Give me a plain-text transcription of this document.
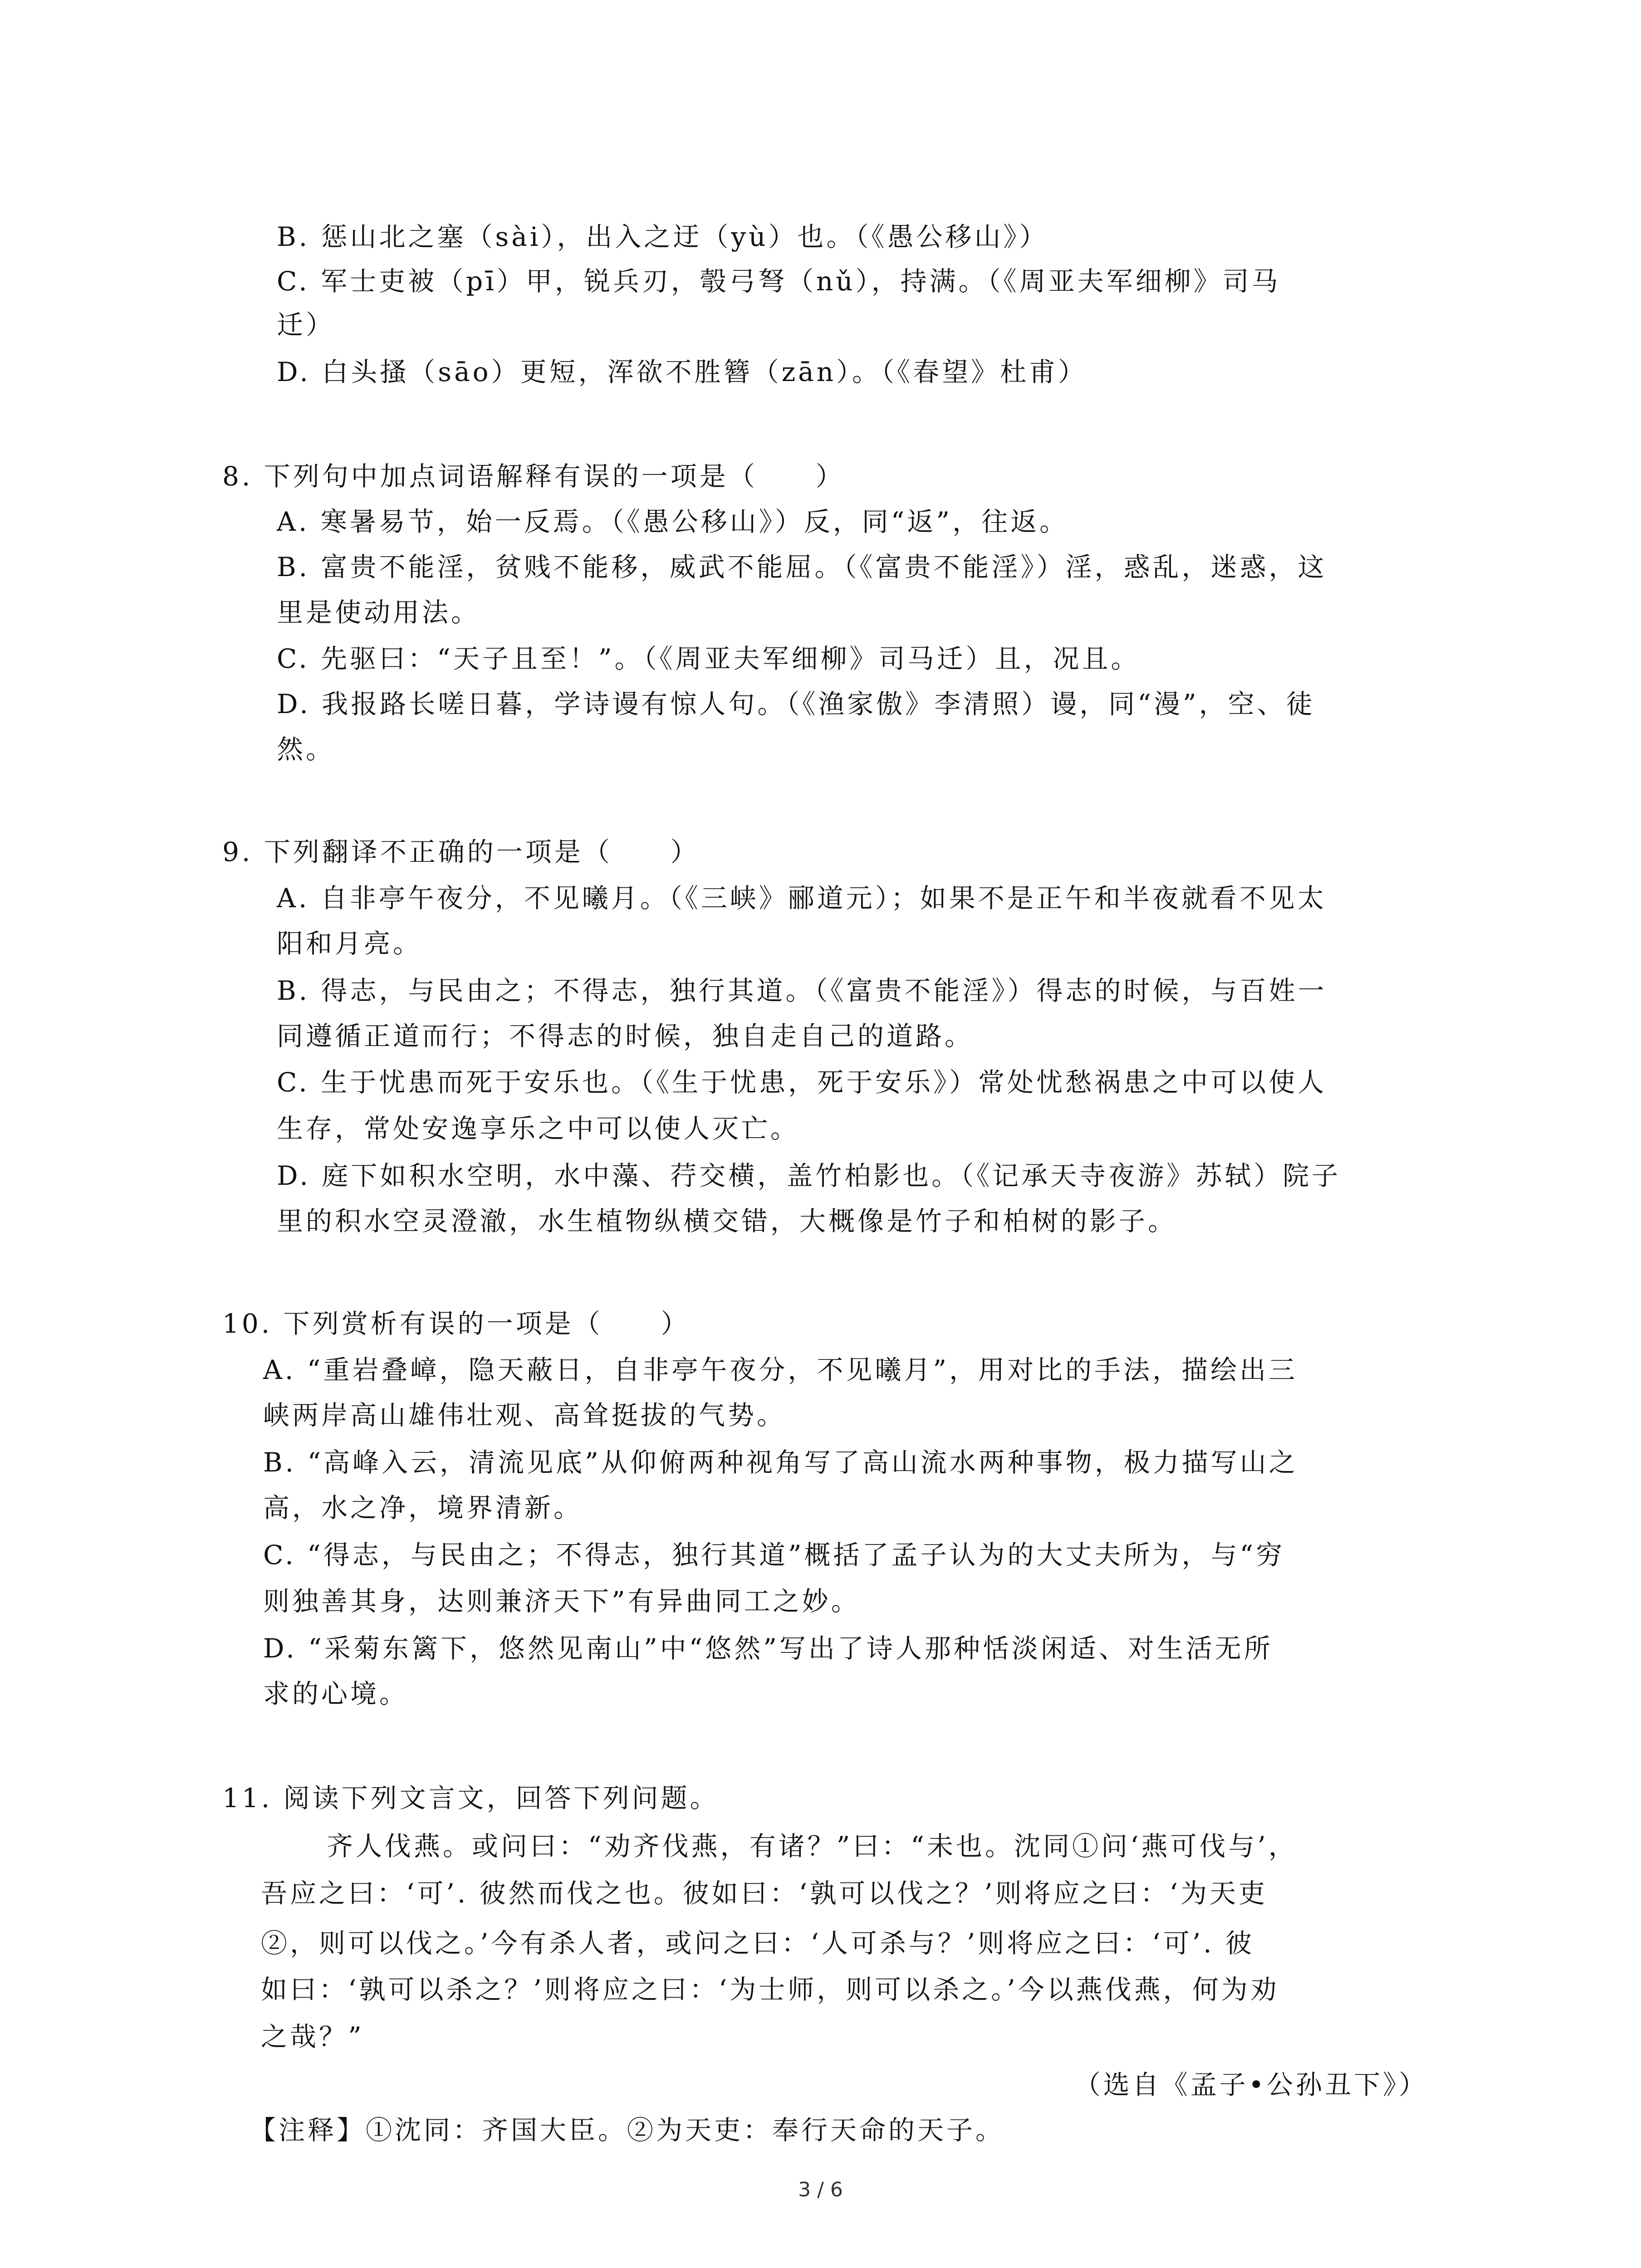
B. 惩山北之塞（sài），出入之迂（yù）也。（《愚公移山》）
C. 军士吏被（pī）甲，锐兵刃，彀弓弩（nǔ），持满。（《周亚夫军细柳》司马
迁）
D. 白头搔（sāo）更短，浑欲不胜簪（zān）。（《春望》杜甫）
8. 下列句中加点词语解释有误的一项是（　　）
A. 寒暑易节，始一反焉。（《愚公移山》）反，同“返”，往返。
B. 富贵不能淫，贫贱不能移，威武不能屈。（《富贵不能淫》）淫，惑乱，迷惑，这
里是使动用法。
C. 先驱曰：“天子且至！”。（《周亚夫军细柳》司马迁）且，况且。
D. 我报路长嗟日暮，学诗谩有惊人句。（《渔家傲》李清照）谩，同“漫”，空、徒
然。
9. 下列翻译不正确的一项是（　　）
A. 自非亭午夜分，不见曦月。（《三峡》郦道元）；如果不是正午和半夜就看不见太
阳和月亮。
B. 得志，与民由之；不得志，独行其道。（《富贵不能淫》）得志的时候，与百姓一
同遵循正道而行；不得志的时候，独自走自己的道路。
C. 生于忧患而死于安乐也。（《生于忧患，死于安乐》）常处忧愁祸患之中可以使人
生存，常处安逸享乐之中可以使人灭亡。
D. 庭下如积水空明，水中藻、荇交横，盖竹柏影也。（《记承天寺夜游》苏轼）院子
里的积水空灵澄澈，水生植物纵横交错，大概像是竹子和柏树的影子。
10. 下列赏析有误的一项是（　　）
A. “重岩叠嶂，隐天蔽日，自非亭午夜分，不见曦月”，用对比的手法，描绘出三
峡两岸高山雄伟壮观、高耸挺拔的气势。
B. “高峰入云，清流见底”从仰俯两种视角写了高山流水两种事物，极力描写山之
高，水之净，境界清新。
C. “得志，与民由之；不得志，独行其道”概括了孟子认为的大丈夫所为，与“穷
则独善其身，达则兼济天下”有异曲同工之妙。
D. “采菊东篱下，悠然见南山”中“悠然”写出了诗人那种恬淡闲适、对生活无所
求的心境。
11. 阅读下列文言文，回答下列问题。
齐人伐燕。或问曰：“劝齐伐燕，有诸？”曰：“未也。沈同①问‘燕可伐与’，
吾应之曰：‘可’. 彼然而伐之也。彼如曰：‘孰可以伐之？’则将应之曰：‘为天吏
②，则可以伐之。’今有杀人者，或问之曰：‘人可杀与？’则将应之曰：‘可’. 彼
如曰：‘孰可以杀之？’则将应之曰：‘为士师，则可以杀之。’今以燕伐燕，何为劝
之哉？”
（选自《孟子•公孙丑下》）
【注释】①沈同：齐国大臣。②为天吏：奉行天命的天子。
3 / 6
